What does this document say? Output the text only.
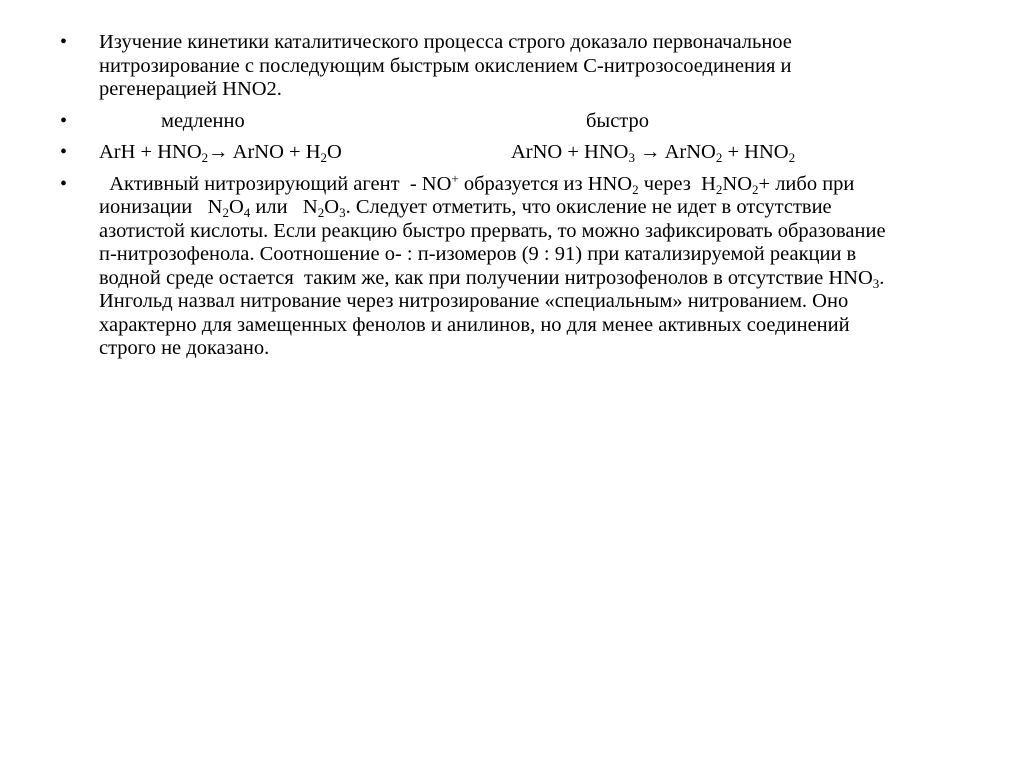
• Изучение кинетики каталитического процесса строго доказало первоначальное
нитрозирование с последующим быстрым окислением С-нитрозосоединения и
регенерацией HNO2.
•	медленно	быстро
• ArH + $HNO_2\to$ ArNO + $H_2O$	ArNO + $HNO_3$ → ArNO$_2$ + $HNO_2$
• Активный нитрозирующий агент  - NO+ образуется из $HNO_2$ через  $H_2NO_2+$ либо при
ионизации   $N_2O_4$ или   $N_2O_3$. Следует отметить, что окисление не идет в отсутствие
азотистой кислоты. Если реакцию быстро прервать, то можно зафиксировать образование
п-нитрозофенола. Соотношение о- : п-изомеров (9 : 91) при катализируемой реакции в
водной среде остается  таким же, как при получении нитрозофенолов в отсутствие $HNO_3$.
Ингольд назвал нитрование через нитрозирование «специальным» нитрованием. Оно
характерно для замещенных фенолов и анилинов, но для менее активных соединений
строго не доказано.
